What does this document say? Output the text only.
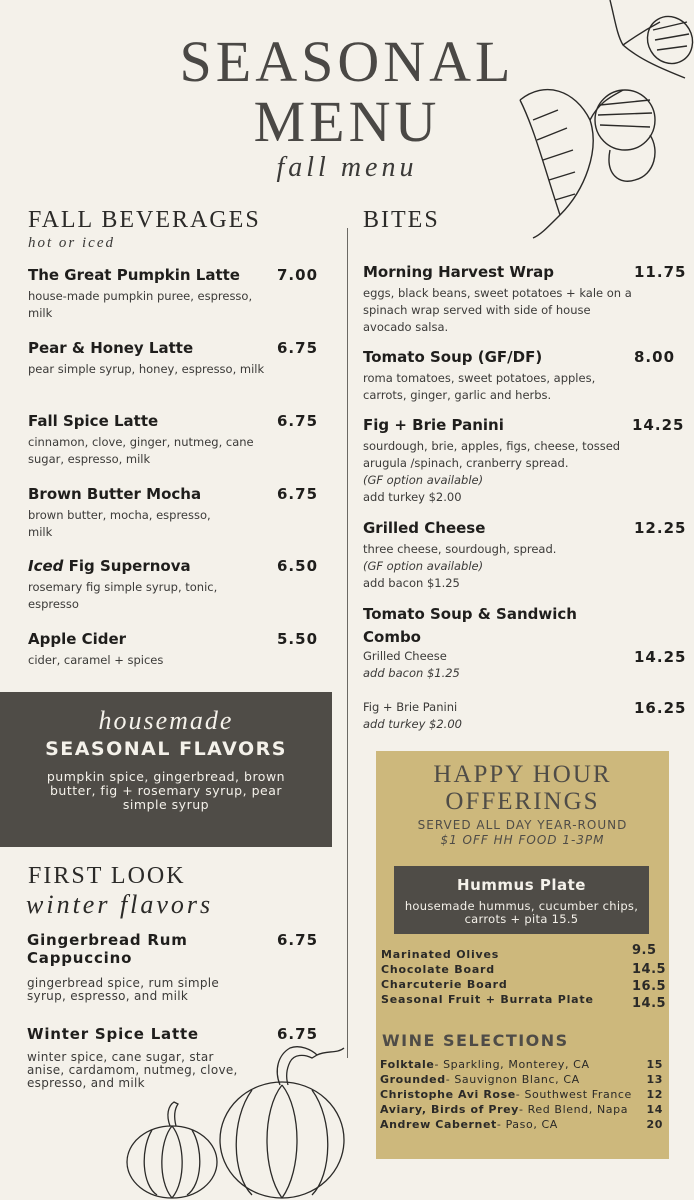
SEASONAL
MENU
fall menu
FALL BEVERAGES
hot or iced
The Great Pumpkin Latte	7.00
house-made pumpkin puree, espresso, milk
Pear & Honey Latte	6.75
pear simple syrup, honey, espresso, milk
Fall Spice Latte	6.75
cinnamon, clove, ginger, nutmeg, cane sugar, espresso, milk
Brown Butter Mocha	6.75
brown butter, mocha, espresso, milk
Iced Fig Supernova	6.50
rosemary fig simple syrup, tonic, espresso
Apple Cider	5.50
cider, caramel + spices
housemade
SEASONAL FLAVORS
pumpkin spice, gingerbread, brown butter, fig + rosemary syrup, pear simple syrup
FIRST LOOK
winter flavors
Gingerbread Rum Cappuccino
6.75
gingerbread spice, rum simple syrup, espresso, and milk
Winter Spice Latte	6.75
winter spice, cane sugar, star anise, cardamom, nutmeg, clove, espresso, and milk
BITES
Morning Harvest Wrap	11.75
eggs, black beans, sweet potatoes + kale on a spinach wrap served with side of house avocado salsa.
Tomato Soup (GF/DF)	8.00
roma tomatoes, sweet potatoes, apples, carrots, ginger, garlic and herbs.
Fig + Brie Panini	14.25
sourdough, brie, apples, figs, cheese, tossed arugula /spinach, cranberry spread.
(GF option available)
add turkey $2.00
Grilled Cheese	12.25
three cheese, sourdough, spread.
(GF option available)
add bacon $1.25
Tomato Soup & Sandwich Combo
Grilled Cheese
add bacon $1.25
14.25
Fig + Brie Panini
add turkey $2.00
16.25
HAPPY HOUR
OFFERINGS
SERVED ALL DAY YEAR-ROUND
$1 OFF HH FOOD 1-3PM
Hummus Plate
housemade hummus, cucumber chips, carrots + pita 15.5
Marinated Olives	9.5
Chocolate Board	14.5
Charcuterie Board	16.5
Seasonal Fruit + Burrata Plate	14.5
WINE SELECTIONS
Folktale- Sparkling, Monterey, CA	15
Grounded- Sauvignon Blanc, CA	13
Christophe Avi Rose- Southwest France 12
Aviary, Birds of Prey- Red Blend, Napa 14
Andrew Cabernet- Paso, CA	20
